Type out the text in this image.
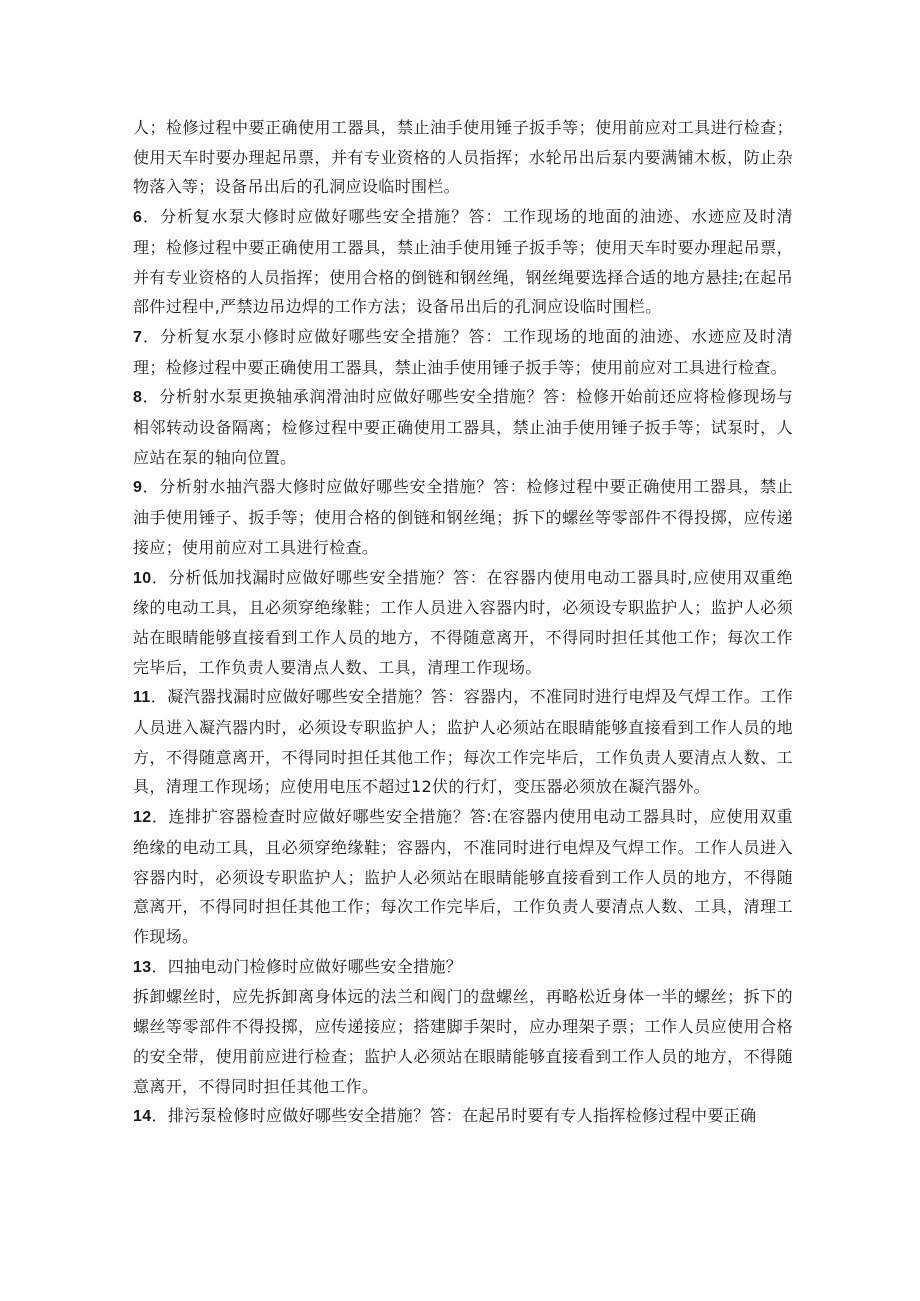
人；检修过程中要正确使用工器具，禁止油手使用锤子扳手等；使用前应对工具进行检查；使用天车时要办理起吊票，并有专业资格的人员指挥；水轮吊出后泵内要满铺木板，防止杂物落入等；设备吊出后的孔洞应设临时围栏。

6．分析复水泵大修时应做好哪些安全措施？答：工作现场的地面的油迹、水迹应及时清理；检修过程中要正确使用工器具，禁止油手使用锤子扳手等；使用天车时要办理起吊票，并有专业资格的人员指挥；使用合格的倒链和钢丝绳，钢丝绳要选择合适的地方悬挂;在起吊部件过程中,严禁边吊边焊的工作方法；设备吊出后的孔洞应设临时围栏。

7．分析复水泵小修时应做好哪些安全措施？答：工作现场的地面的油迹、水迹应及时清理；检修过程中要正确使用工器具，禁止油手使用锤子扳手等；使用前应对工具进行检查。

8．分析射水泵更换轴承润滑油时应做好哪些安全措施？答：检修开始前还应将检修现场与相邻转动设备隔离；检修过程中要正确使用工器具，禁止油手使用锤子扳手等；试泵时，人应站在泵的轴向位置。

9．分析射水抽汽器大修时应做好哪些安全措施？答：检修过程中要正确使用工器具，禁止油手使用锤子、扳手等；使用合格的倒链和钢丝绳；拆下的螺丝等零部件不得投掷，应传递接应；使用前应对工具进行检查。

10．分析低加找漏时应做好哪些安全措施？答：在容器内使用电动工器具时,应使用双重绝缘的电动工具，且必须穿绝缘鞋；工作人员进入容器内时，必须设专职监护人；监护人必须站在眼睛能够直接看到工作人员的地方，不得随意离开，不得同时担任其他工作；每次工作完毕后，工作负责人要清点人数、工具，清理工作现场。

11．凝汽器找漏时应做好哪些安全措施？答：容器内，不准同时进行电焊及气焊工作。工作人员进入凝汽器内时，必须设专职监护人；监护人必须站在眼睛能够直接看到工作人员的地方，不得随意离开，不得同时担任其他工作；每次工作完毕后，工作负责人要清点人数、工具，清理工作现场；应使用电压不超过12伏的行灯，变压器必须放在凝汽器外。

12．连排扩容器检查时应做好哪些安全措施？答:在容器内使用电动工器具时，应使用双重绝缘的电动工具，且必须穿绝缘鞋；容器内，不准同时进行电焊及气焊工作。工作人员进入容器内时，必须设专职监护人；监护人必须站在眼睛能够直接看到工作人员的地方，不得随意离开，不得同时担任其他工作；每次工作完毕后，工作负责人要清点人数、工具，清理工作现场。

13．四抽电动门检修时应做好哪些安全措施？

拆卸螺丝时，应先拆卸离身体远的法兰和阀门的盘螺丝，再略松近身体一半的螺丝；拆下的螺丝等零部件不得投掷，应传递接应；搭建脚手架时，应办理架子票；工作人员应使用合格的安全带，使用前应进行检查；监护人必须站在眼睛能够直接看到工作人员的地方，不得随意离开，不得同时担任其他工作。

14．排污泵检修时应做好哪些安全措施？答：在起吊时要有专人指挥检修过程中要正确
